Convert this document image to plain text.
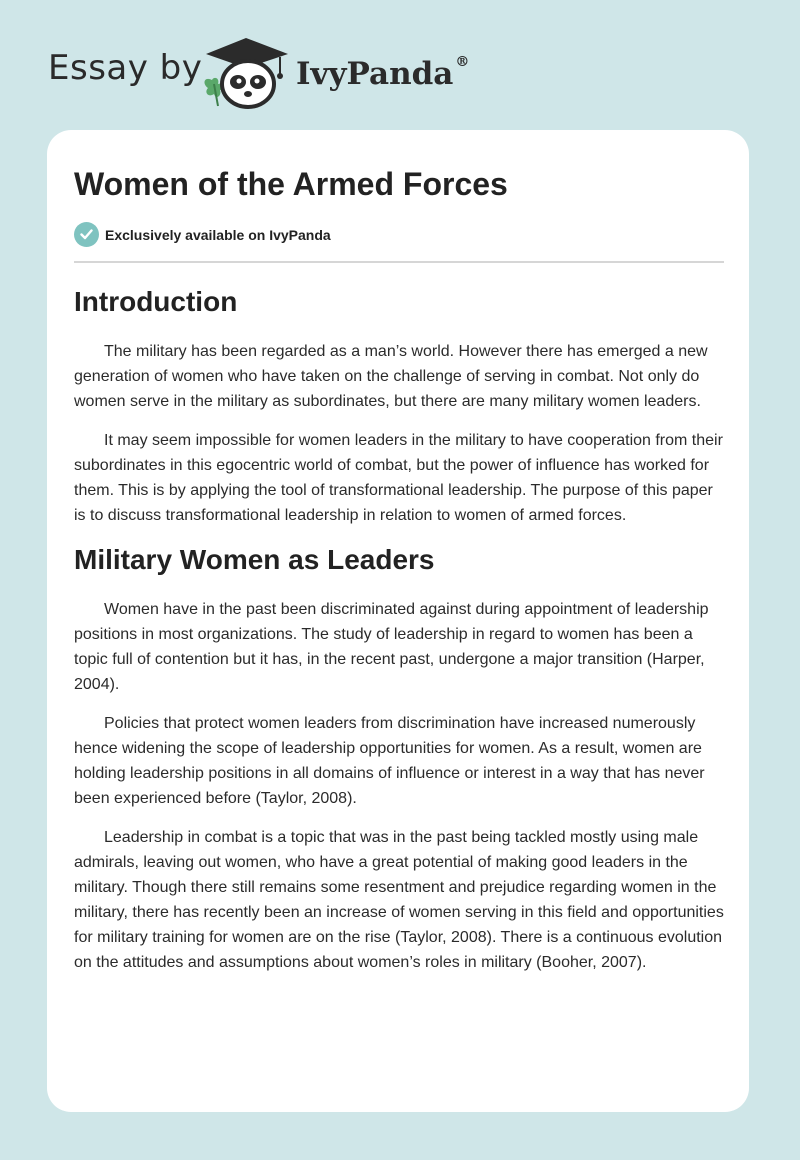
Essay by	IvyPanda ®
Women of the Armed Forces
Exclusively available on IvyPanda
Introduction

The military has been regarded as a man’s world. However there has emerged a new generation of women who have taken on the challenge of serving in combat. Not only do women serve in the military as subordinates, but there are many military women leaders.

It may seem impossible for women leaders in the military to have cooperation from their subordinates in this egocentric world of combat, but the power of influence has worked for them. This is by applying the tool of transformational leadership. The purpose of this paper is to discuss transformational leadership in relation to women of armed forces.

Military Women as Leaders

Women have in the past been discriminated against during appointment of leadership positions in most organizations. The study of leadership in regard to women has been a topic full of contention but it has, in the recent past, undergone a major transition (Harper, 2004).

Policies that protect women leaders from discrimination have increased numerously hence widening the scope of leadership opportunities for women. As a result, women are holding leadership positions in all domains of influence or interest in a way that has never been experienced before (Taylor, 2008).

Leadership in combat is a topic that was in the past being tackled mostly using male admirals, leaving out women, who have a great potential of making good leaders in the military. Though there still remains some resentment and prejudice regarding women in the military, there has recently been an increase of women serving in this field and opportunities for military training for women are on the rise (Taylor, 2008). There is a continuous evolution on the attitudes and assumptions about women’s roles in military (Booher, 2007).
